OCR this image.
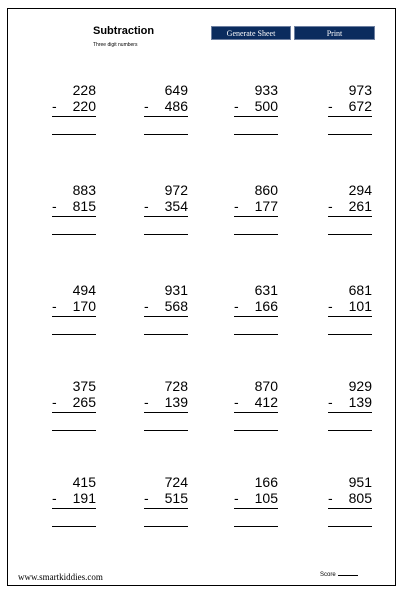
Subtraction
Three digit numbers
Generate Sheet	Print
228
- 220
649
- 486
933
- 500
973
- 672
883
- 815
972
- 354
860
- 177
294
- 261
494
- 170
931
- 568
631
- 166
681
- 101
375
- 265
728
- 139
870
- 412
929
- 139
415
- 191
724
- 515
166
- 105
951
- 805
www.smartkiddies.com	Score
